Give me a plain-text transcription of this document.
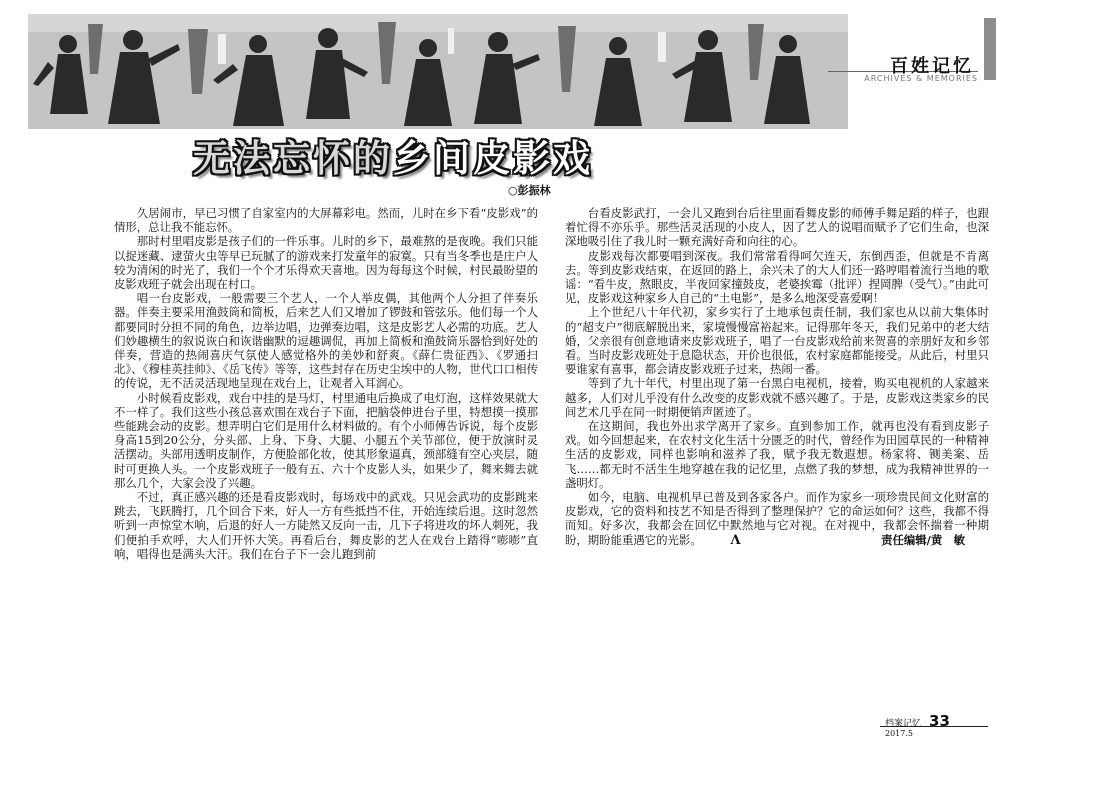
百姓记忆
ARCHIVES & MEMORIES
无法忘怀的乡间皮影戏
○彭振林

久居闹市，早已习惯了自家室内的大屏幕彩电。然而，儿时在乡下看“皮影戏”的情形，总让我不能忘怀。

那时村里唱皮影是孩子们的一件乐事。儿时的乡下，最难熬的是夜晚。我们只能以捉迷藏、逮萤火虫等早已玩腻了的游戏来打发童年的寂寞。只有当冬季也是庄户人较为清闲的时光了，我们一个个才乐得欢天喜地。因为每每这个时候，村民最盼望的皮影戏班子就会出现在村口。

唱一台皮影戏，一般需要三个艺人，一个人举皮偶，其他两个人分担了伴奏乐器。伴奏主要采用渔鼓筒和简板，后来艺人们又增加了锣鼓和管弦乐。他们每一个人都要同时分担不同的角色，边举边唱，边弹奏边唱，这是皮影艺人必需的功底。艺人们妙趣横生的叙说诙白和诙谐幽默的逗趣调侃，再加上简板和渔鼓筒乐器恰到好处的伴奏，营造的热闹喜庆气氛使人感觉格外的美妙和舒爽。《薛仁贵征西》、《罗通扫北》、《穆桂英挂帅》、《岳飞传》等等，这些封存在历史尘埃中的人物，世代口口相传的传说，无不活灵活现地呈现在戏台上，让观者入耳润心。

小时候看皮影戏，戏台中挂的是马灯，村里通电后换成了电灯泡，这样效果就大不一样了。我们这些小孩总喜欢围在戏台子下面，把脑袋伸进台子里，特想摸一摸那些能跳会动的皮影。想弄明白它们是用什么材料做的。有个小师傅告诉说，每个皮影身高15到20公分，分头部、上身、下身、大腿、小腿五个关节部位，便于放演时灵活摆动。头部用透明皮制作，方便脸部化妆，使其形象逼真，颈部缝有空心夹层，随时可更换人头。一个皮影戏班子一般有五、六十个皮影人头，如果少了，舞来舞去就那么几个，大家会没了兴趣。

不过，真正感兴趣的还是看皮影戏时，每场戏中的武戏。只见会武功的皮影跳来跳去，飞跃腾打，几个回合下来，好人一方有些抵挡不住，开始连续后退。这时忽然听到一声惊堂木响，后退的好人一方陡然又反向一击，几下子将进攻的坏人刺死，我们便拍手欢呼，大人们开怀大笑。再看后台，舞皮影的艺人在戏台上踏得“嘭嘭”直响，唱得也是满头大汗。我们在台子下一会儿跑到前

台看皮影武打，一会儿又跑到台后往里面看舞皮影的师傅手舞足蹈的样子，也跟着忙得不亦乐乎。那些活灵活现的小皮人，因了艺人的说唱而赋予了它们生命，也深深地吸引住了我儿时一颗充满好奇和向往的心。

皮影戏每次都要唱到深夜。我们常常看得呵欠连天，东倒西歪，但就是不肯离去。等到皮影戏结束，在返回的路上，余兴未了的大人们还一路哼唱着流行当地的歌谣：“看牛皮，熬眼皮，半夜回家撞鼓皮，老婆挨霉（批评）捏岡脾（受气）。”由此可见，皮影戏这种家乡人自己的“土电影”，是多么地深受喜爱啊！

上个世纪八十年代初，家乡实行了土地承包责任制，我们家也从以前大集体时的“超支户”彻底解脱出来，家境慢慢富裕起来。记得那年冬天，我们兄弟中的老大结婚，父亲很有创意地请来皮影戏班子，唱了一台皮影戏给前来贺喜的亲朋好友和乡邻看。当时皮影戏班处于息隐状态，开价也很低，农村家庭都能接受。从此后，村里只要谁家有喜事，都会请皮影戏班子过来，热闹一番。

等到了九十年代，村里出现了第一台黑白电视机，接着，购买电视机的人家越来越多，人们对儿乎没有什么改变的皮影戏就不感兴趣了。于是，皮影戏这类家乡的民间艺术几乎在同一时期便销声匿迹了。

在这期间，我也外出求学离开了家乡。直到参加工作，就再也没有看到皮影子戏。如今回想起来，在农村文化生活十分匮乏的时代，曾经作为田园草民的一种精神生活的皮影戏，同样也影响和滋养了我，赋予我无数遐想。杨家将、铡美案、岳飞……都无时不活生生地穿越在我的记忆里，点燃了我的梦想，成为我精神世界的一盏明灯。

如今，电脑、电视机早已普及到各家各户。而作为家乡一项珍贵民间文化财富的皮影戏，它的资料和技艺不知是否得到了整理保护？它的命运如何？这些，我都不得而知。好多次，我都会在回忆中默然地与它对视。在对视中，我都会怀揣着一种期盼，期盼能重遇它的光影。 Λ	责任编辑/黄　敏

档案记忆 33
2017.5
